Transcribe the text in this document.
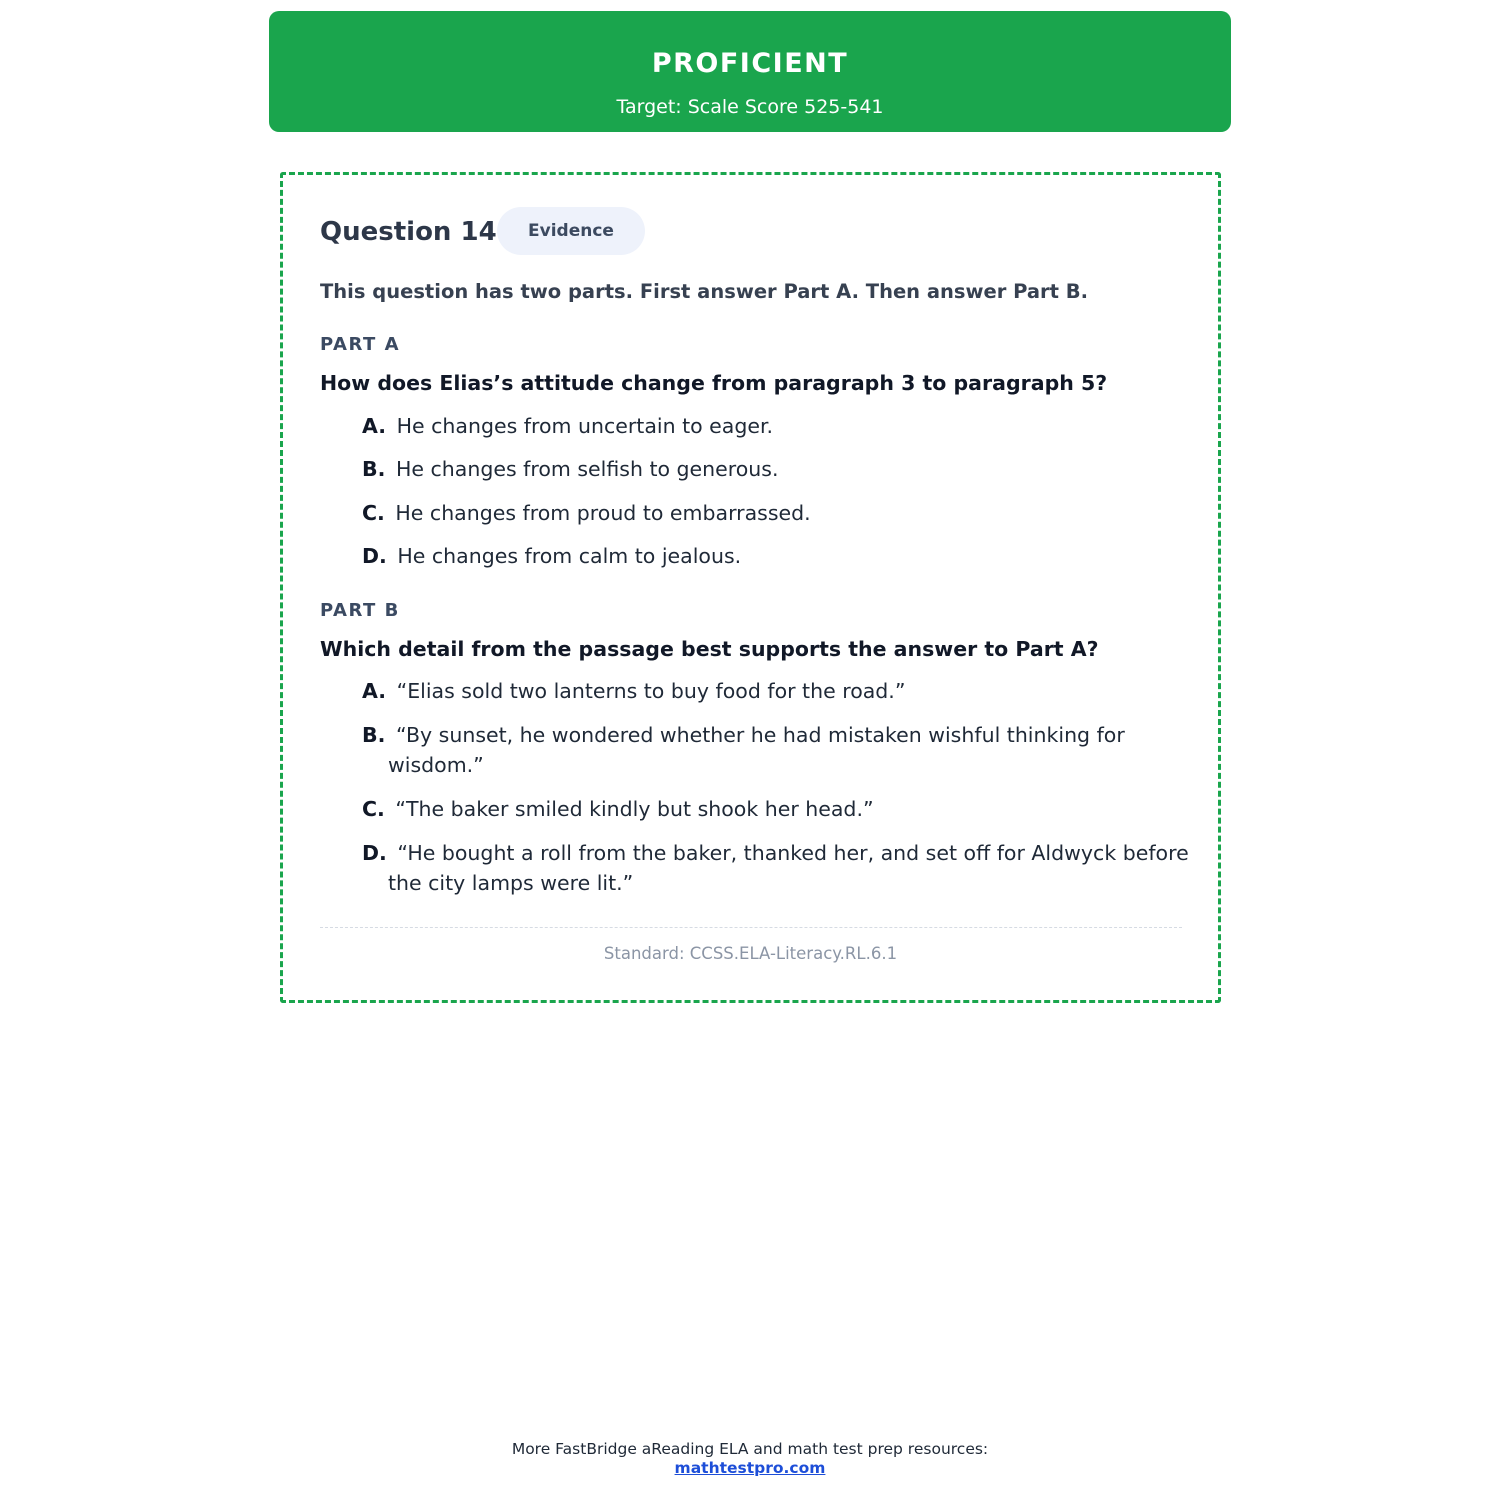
PROFICIENT
Target: Scale Score 525-541
Question 14	Evidence
This question has two parts. First answer Part A. Then answer Part B.
PART A
How does Elias’s attitude change from paragraph 3 to paragraph 5?
A. He changes from uncertain to eager.
B. He changes from selfish to generous.
C. He changes from proud to embarrassed.
D. He changes from calm to jealous.
PART B
Which detail from the passage best supports the answer to Part A?
A. “Elias sold two lanterns to buy food for the road.”
B. “By sunset, he wondered whether he had mistaken wishful thinking for wisdom.”
C. “The baker smiled kindly but shook her head.”
D. “He bought a roll from the baker, thanked her, and set off for Aldwyck before the city lamps were lit.”
Standard: CCSS.ELA-Literacy.RL.6.1
More FastBridge aReading ELA and math test prep resources:
mathtestpro.com
